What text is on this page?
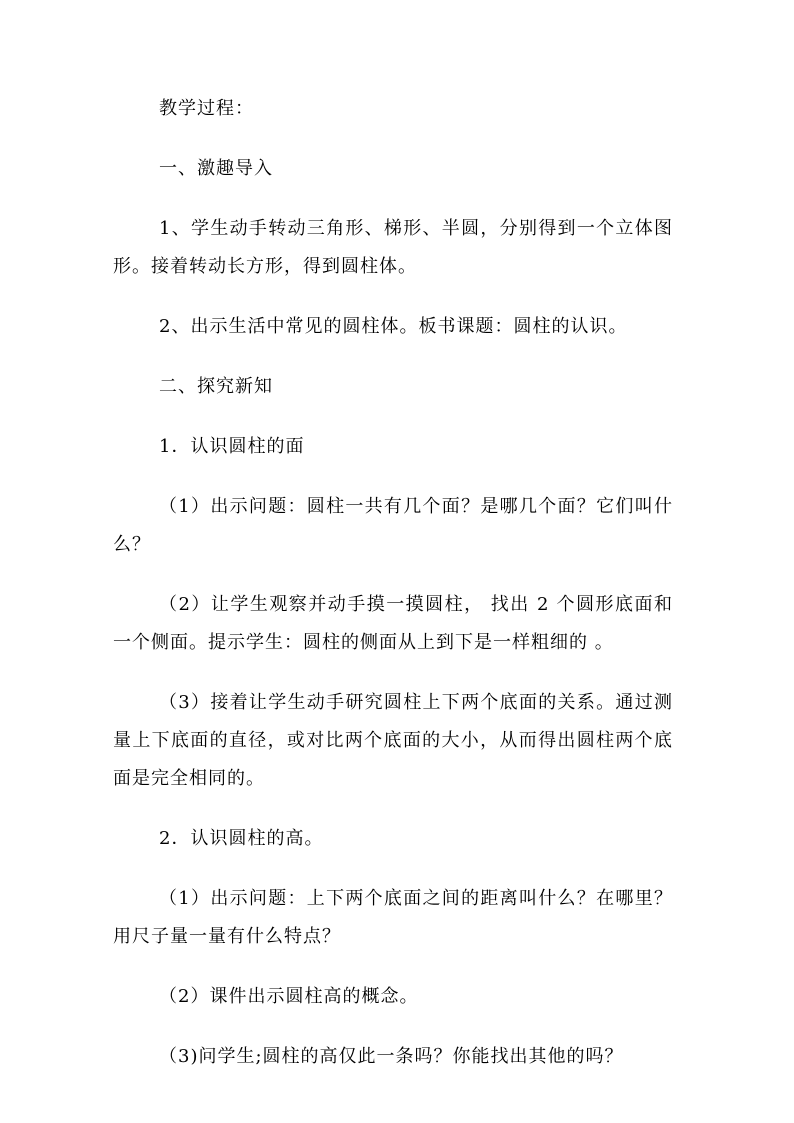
教学过程：

一、激趣导入

1、学生动手转动三角形、梯形、半圆，分别得到一个立体图形。接着转动长方形，得到圆柱体。

2、出示生活中常见的圆柱体。板书课题：圆柱的认识。

二、探究新知

1．认识圆柱的面

（1）出示问题：圆柱一共有几个面？是哪几个面？它们叫什么？

（2）让学生观察并动手摸一摸圆柱， 找出 2 个圆形底面和一个侧面。提示学生：圆柱的侧面从上到下是一样粗细的 。

（3）接着让学生动手研究圆柱上下两个底面的关系。通过测量上下底面的直径，或对比两个底面的大小，从而得出圆柱两个底面是完全相同的。

2．认识圆柱的高。

（1）出示问题：上下两个底面之间的距离叫什么？在哪里？用尺子量一量有什么特点？

（2）课件出示圆柱高的概念。

（3)问学生;圆柱的高仅此一条吗？你能找出其他的吗？
